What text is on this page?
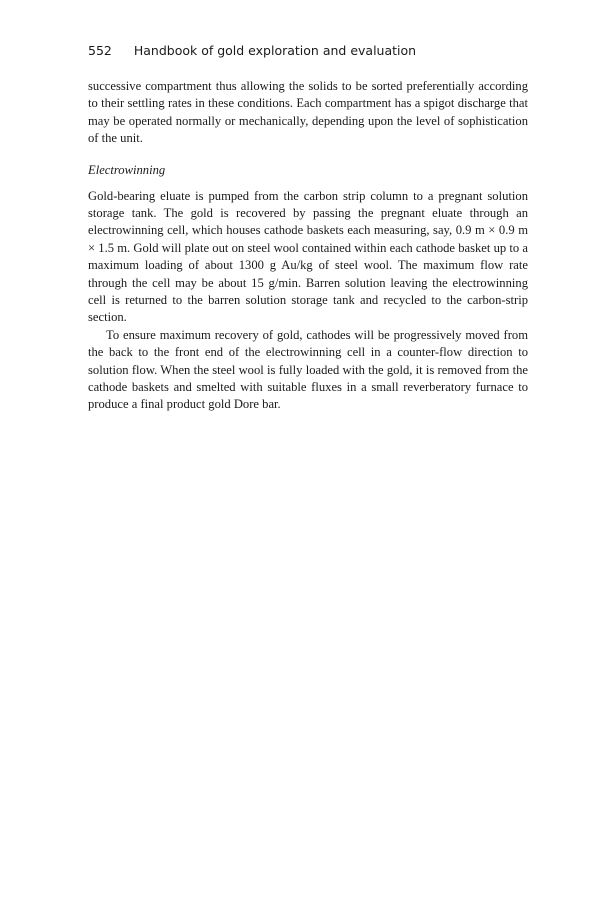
552 Handbook of gold exploration and evaluation

successive compartment thus allowing the solids to be sorted preferentially according to their settling rates in these conditions. Each compartment has a spigot discharge that may be operated normally or mechanically, depending upon the level of sophistication of the unit.

Electrowinning

Gold-bearing eluate is pumped from the carbon strip column to a pregnant solution storage tank. The gold is recovered by passing the pregnant eluate through an electrowinning cell, which houses cathode baskets each measuring, say, 0.9 m × 0.9 m × 1.5 m. Gold will plate out on steel wool contained within each cathode basket up to a maximum loading of about 1300 g Au/kg of steel wool. The maximum flow rate through the cell may be about 15 g/min. Barren solution leaving the electrowinning cell is returned to the barren solution storage tank and recycled to the carbon-strip section.

To ensure maximum recovery of gold, cathodes will be progressively moved from the back to the front end of the electrowinning cell in a counter-flow direction to solution flow. When the steel wool is fully loaded with the gold, it is removed from the cathode baskets and smelted with suitable fluxes in a small reverberatory furnace to produce a final product gold Dore bar.
